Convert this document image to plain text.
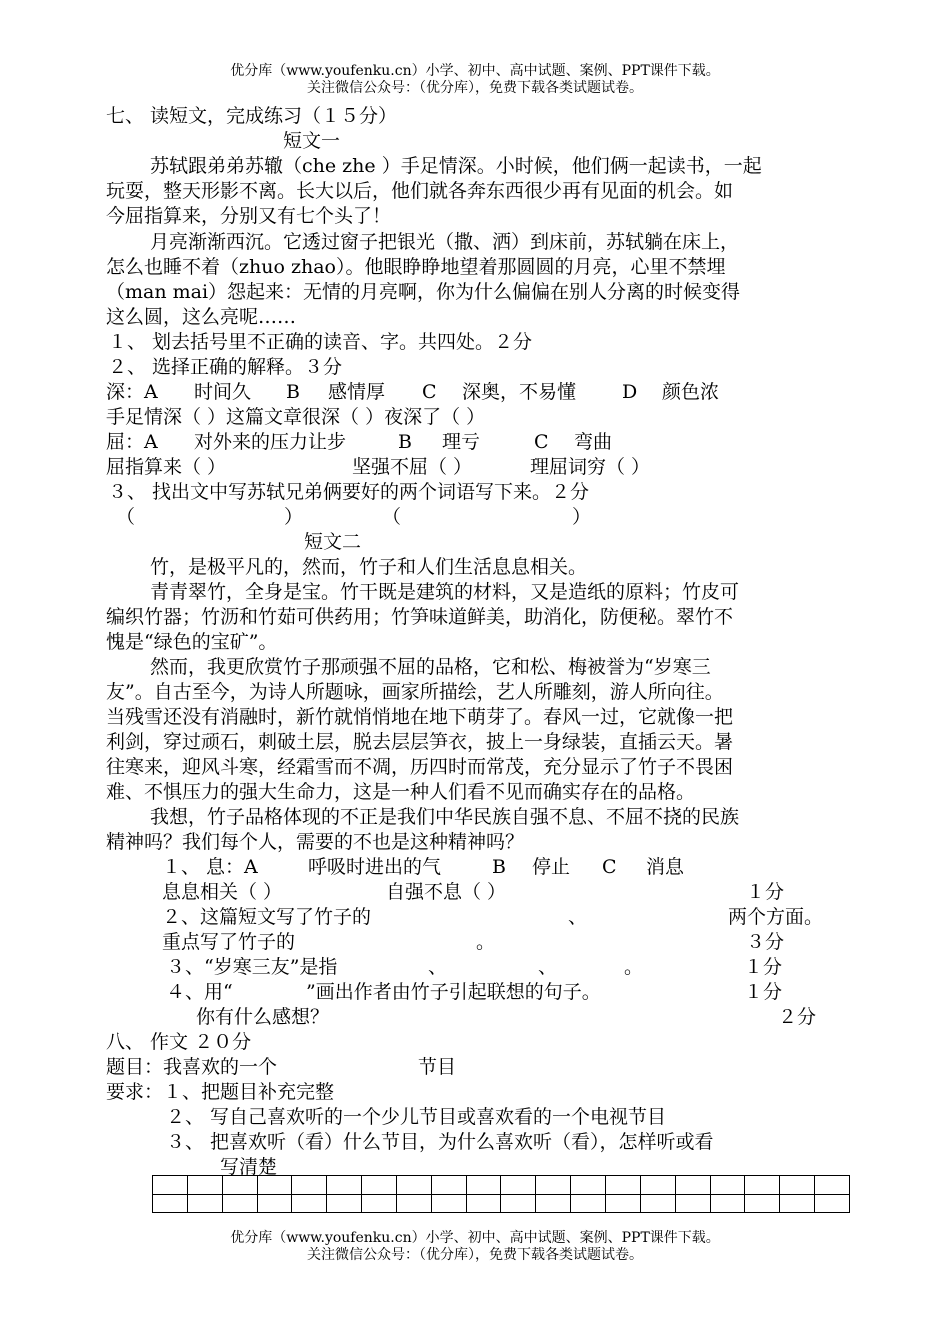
优分库（www.youfenku.cn）小学、初中、高中试题、案例、PPT课件下载。
关注微信公众号：（优分库），免费下载各类试题试卷。
七、 读短文，完成练习（１５分）
短文一
苏轼跟弟弟苏辙（che zhe ）手足情深。小时候，他们俩一起读书，一起
玩耍，整天形影不离。长大以后，他们就各奔东西很少再有见面的机会。如
今屈指算来，分别又有七个头了！
月亮渐渐西沉。它透过窗子把银光（撒、洒）到床前，苏轼躺在床上，
怎么也睡不着（zhuo zhao）。他眼睁睁地望着那圆圆的月亮，心里不禁埋
（man mai）怨起来：无情的月亮啊，你为什么偏偏在别人分离的时候变得
这么圆，这么亮呢……
１、 划去括号里不正确的读音、字。共四处。２分
２、 选择正确的解释。３分
深：A 时间久 B 感情厚 C 深奥，不易懂 D 颜色浓
手足情深（ ）这篇文章很深（ ）夜深了（ ）
屈：A 对外来的压力让步	B 理亏	C 弯曲
屈指算来（ ）	坚强不屈（ ）	理屈词穷（ ）
３、 找出文中写苏轼兄弟俩要好的两个词语写下来。２分
（	）	（	）
短文二
竹，是极平凡的，然而，竹子和人们生活息息相关。
青青翠竹，全身是宝。竹干既是建筑的材料，又是造纸的原料；竹皮可
编织竹器；竹沥和竹茹可供药用；竹笋味道鲜美，助消化，防便秘。翠竹不
愧是“绿色的宝矿”。
然而，我更欣赏竹子那顽强不屈的品格，它和松、梅被誉为“岁寒三
友”。自古至今，为诗人所题咏，画家所描绘，艺人所雕刻，游人所向往。
当残雪还没有消融时，新竹就悄悄地在地下萌芽了。春风一过，它就像一把
利剑，穿过顽石，刺破土层，脱去层层笋衣，披上一身绿装，直插云天。暑
往寒来，迎风斗寒，经霜雪而不凋，历四时而常茂，充分显示了竹子不畏困
难、不惧压力的强大生命力，这是一种人们看不见而确实存在的品格。
我想，竹子品格体现的不正是我们中华民族自强不息、不屈不挠的民族
精神吗？我们每个人，需要的不也是这种精神吗？
１、 息：A	呼吸时进出的气	B 停止 C 消息
息息相关（ ）	自强不息（ ）	１分
２、这篇短文写了竹子的	、	两个方面。
重点写了竹子的	。	３分
３、“岁寒三友”是指	、	、	。	１分
４、用“	”画出作者由竹子引起联想的句子。	１分
你有什么感想？	２分
八、 作文 ２０分
题目：我喜欢的一个	节目
要求：１、把题目补充完整
２、 写自己喜欢听的一个少儿节目或喜欢看的一个电视节目
３、 把喜欢听（看）什么节目，为什么喜欢听（看），怎样听或看
写清楚
优分库（www.youfenku.cn）小学、初中、高中试题、案例、PPT课件下载。
关注微信公众号：（优分库），免费下载各类试题试卷。
